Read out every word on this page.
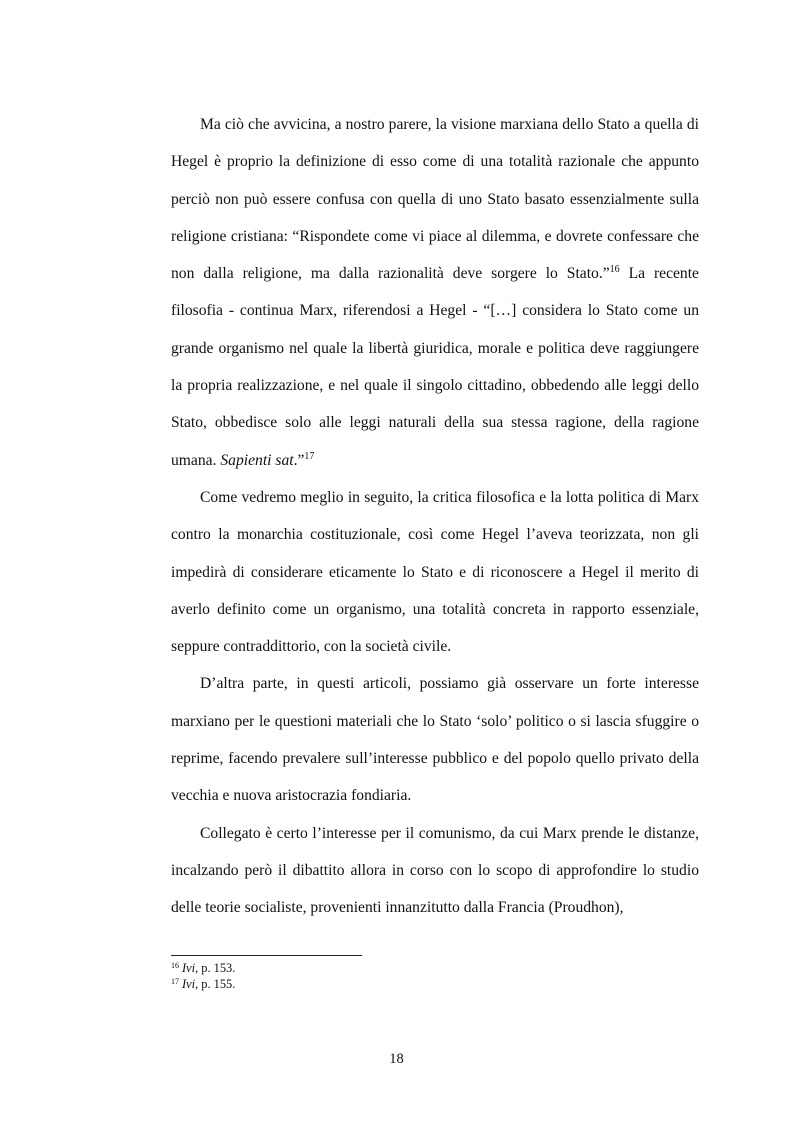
Ma ciò che avvicina, a nostro parere, la visione marxiana dello Stato a quella di Hegel è proprio la definizione di esso come di una totalità razionale che appunto perciò non può essere confusa con quella di uno Stato basato essenzialmente sulla religione cristiana: “Rispondete come vi piace al dilemma, e dovrete confessare che non dalla religione, ma dalla razionalità deve sorgere lo Stato.”$^{16}$ La recente filosofia - continua Marx, riferendosi a Hegel - “[…] considera lo Stato come un grande organismo nel quale la libertà giuridica, morale e politica deve raggiungere la propria realizzazione, e nel quale il singolo cittadino, obbedendo alle leggi dello Stato, obbedisce solo alle leggi naturali della sua stessa ragione, della ragione umana. Sapienti sat.”$^{17}$

Come vedremo meglio in seguito, la critica filosofica e la lotta politica di Marx contro la monarchia costituzionale, così come Hegel l’aveva teorizzata, non gli impedirà di considerare eticamente lo Stato e di riconoscere a Hegel il merito di averlo definito come un organismo, una totalità concreta in rapporto essenziale, seppure contraddittorio, con la società civile.

D’altra parte, in questi articoli, possiamo già osservare un forte interesse marxiano per le questioni materiali che lo Stato ‘solo’ politico o si lascia sfuggire o reprime, facendo prevalere sull’interesse pubblico e del popolo quello privato della vecchia e nuova aristocrazia fondiaria.

Collegato è certo l’interesse per il comunismo, da cui Marx prende le distanze, incalzando però il dibattito allora in corso con lo scopo di approfondire lo studio delle teorie socialiste, provenienti innanzitutto dalla Francia (Proudhon),

$^{16}$ Ivi, p. 153.

$^{17}$ Ivi, p. 155.

18
